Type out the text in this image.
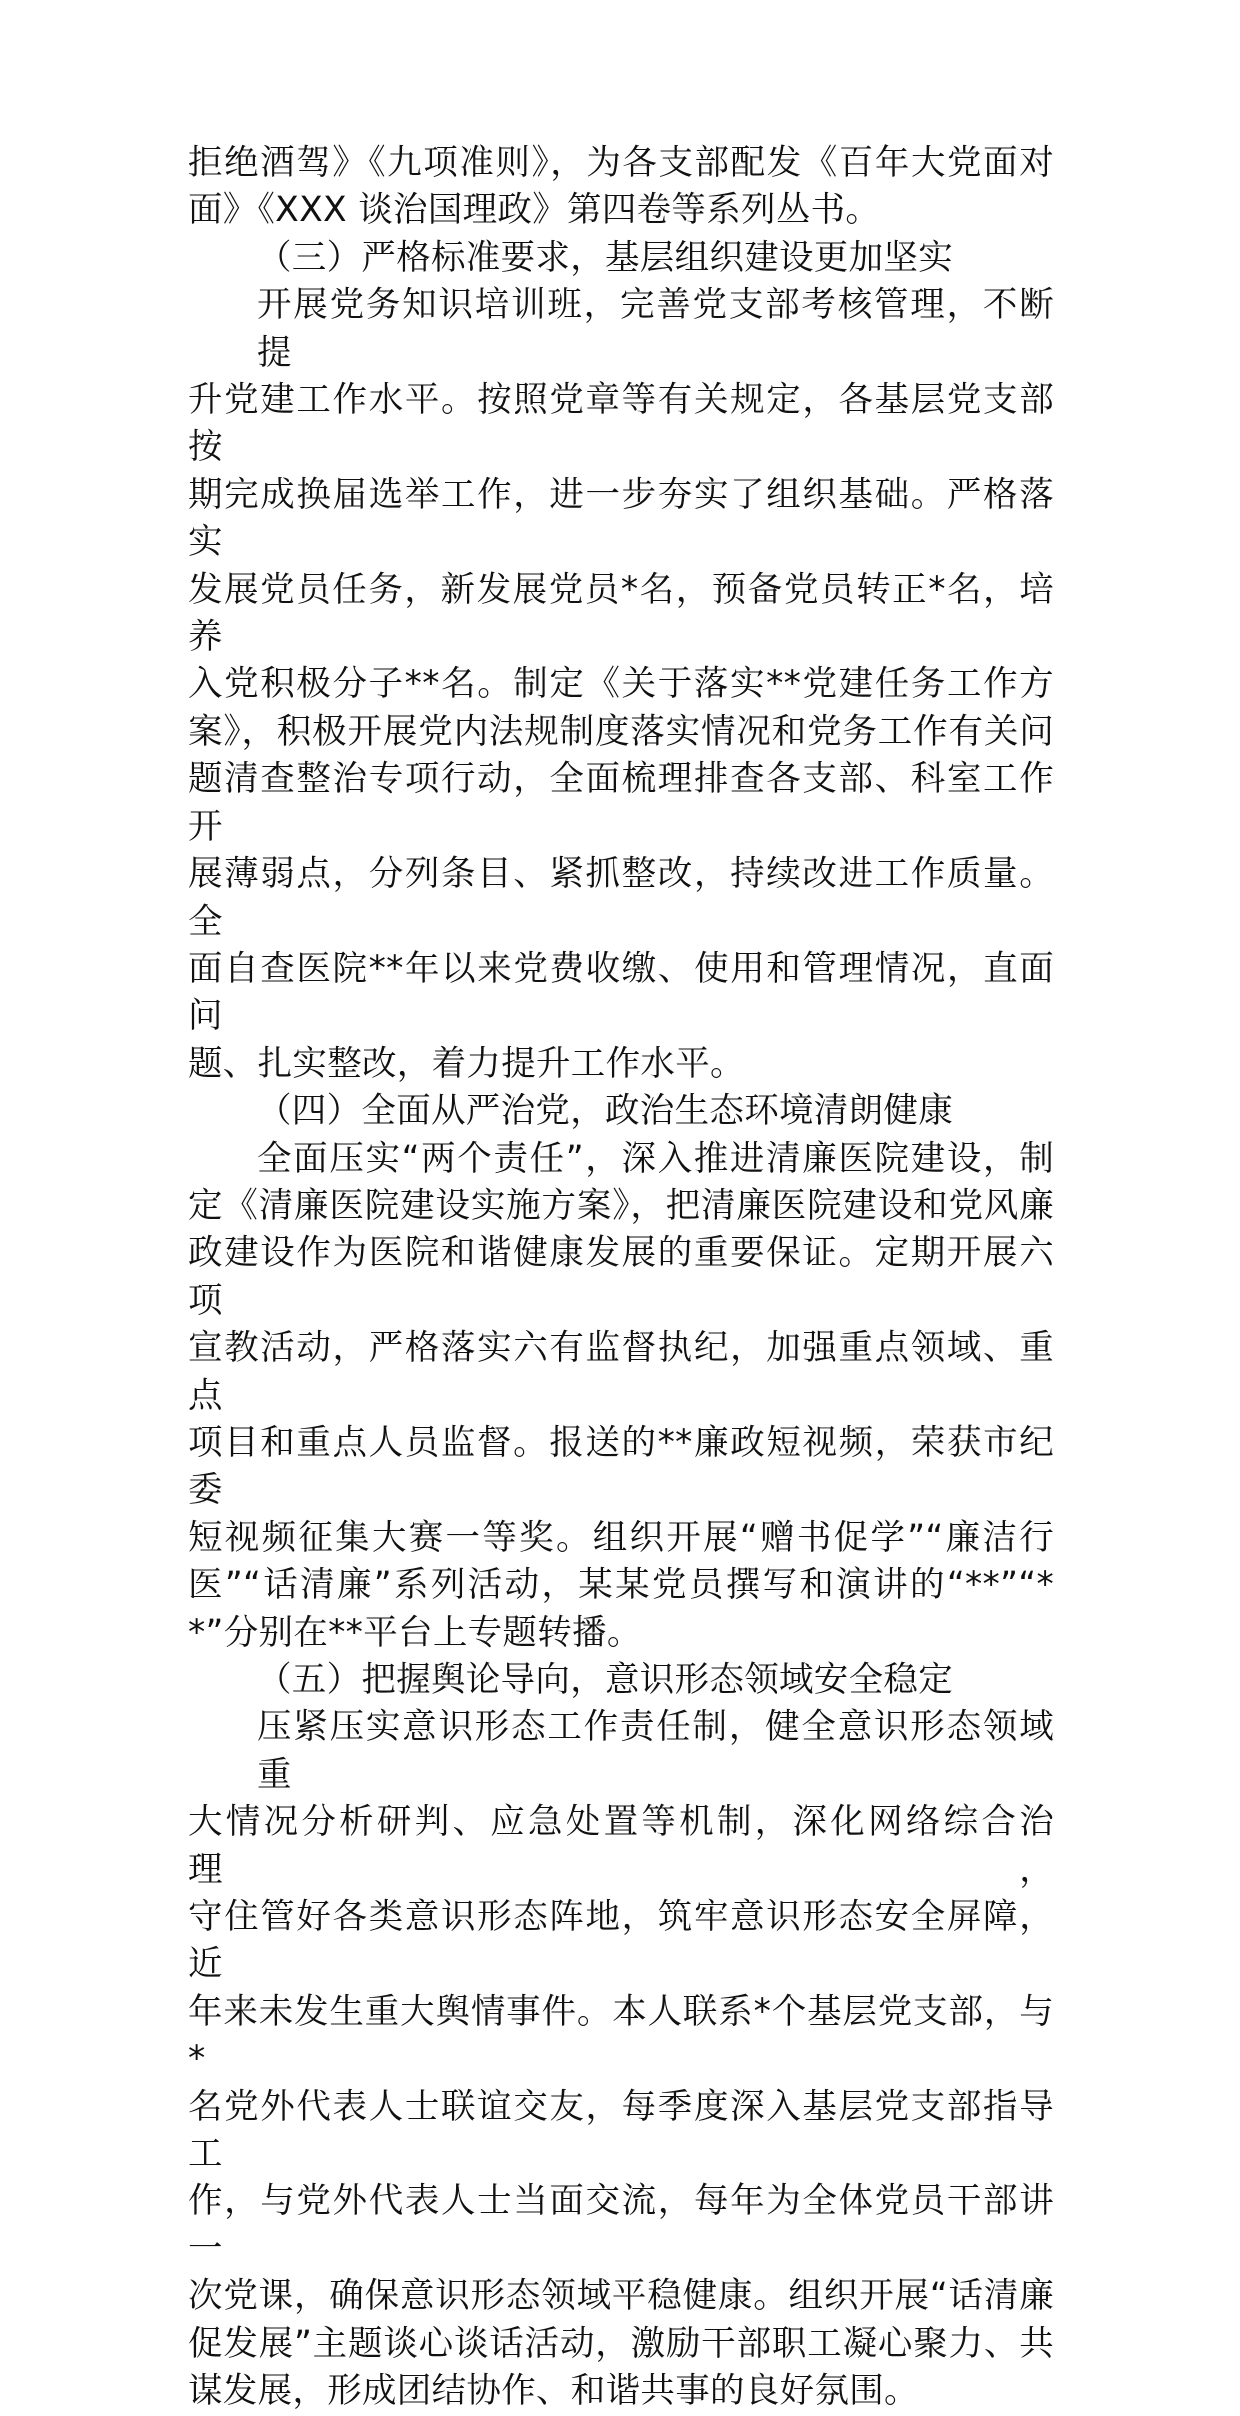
拒绝酒驾》《九项准则》，为各支部配发《百年大党面对
面》《XXX 谈治国理政》第四卷等系列丛书。
（三）严格标准要求，基层组织建设更加坚实
开展党务知识培训班，完善党支部考核管理，不断提
升党建工作水平。按照党章等有关规定，各基层党支部按
期完成换届选举工作，进一步夯实了组织基础。严格落实
发展党员任务，新发展党员*名，预备党员转正*名，培养
入党积极分子**名。制定《关于落实**党建任务工作方
案》，积极开展党内法规制度落实情况和党务工作有关问
题清查整治专项行动，全面梳理排查各支部、科室工作开
展薄弱点，分列条目、紧抓整改，持续改进工作质量。全
面自查医院**年以来党费收缴、使用和管理情况，直面问
题、扎实整改，着力提升工作水平。
（四）全面从严治党，政治生态环境清朗健康
全面压实“两个责任”，深入推进清廉医院建设，制
定《清廉医院建设实施方案》，把清廉医院建设和党风廉
政建设作为医院和谐健康发展的重要保证。定期开展六项
宣教活动，严格落实六有监督执纪，加强重点领域、重点
项目和重点人员监督。报送的**廉政短视频，荣获市纪委
短视频征集大赛一等奖。组织开展“赠书促学”“廉洁行
医”“话清廉”系列活动，某某党员撰写和演讲的“**”“*
*”分别在**平台上专题转播。
（五）把握舆论导向，意识形态领域安全稳定
压紧压实意识形态工作责任制，健全意识形态领域重
大情况分析研判、应急处置等机制，深化网络综合治理，
守住管好各类意识形态阵地，筑牢意识形态安全屏障，近
年来未发生重大舆情事件。本人联系*个基层党支部，与*
名党外代表人士联谊交友，每季度深入基层党支部指导工
作，与党外代表人士当面交流，每年为全体党员干部讲一
次党课，确保意识形态领域平稳健康。组织开展“话清廉
促发展”主题谈心谈话活动，激励干部职工凝心聚力、共
谋发展，形成团结协作、和谐共事的良好氛围。
